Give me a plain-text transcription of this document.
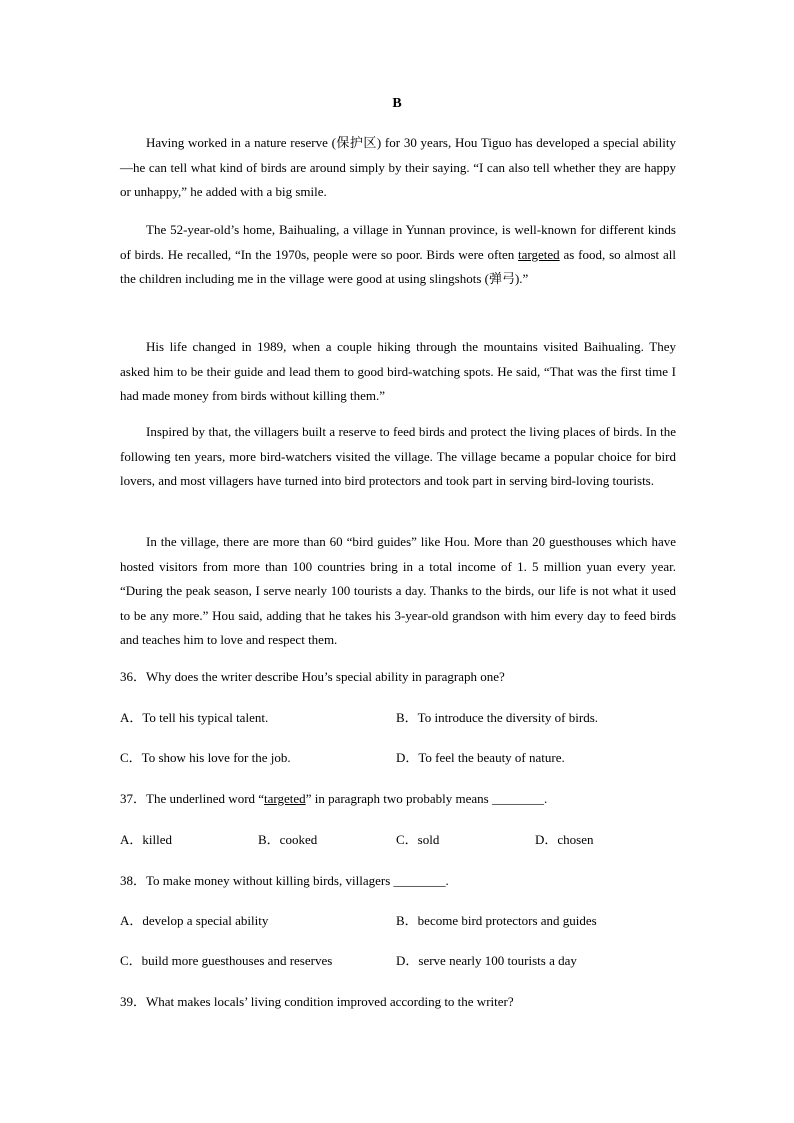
B

Having worked in a nature reserve (保护区) for 30 years, Hou Tiguo has developed a special ability —he can tell what kind of birds are around simply by their saying. “I can also tell whether they are happy or unhappy,” he added with a big smile.

The 52-year-old’s home, Baihualing, a village in Yunnan province, is well-known for different kinds of birds. He recalled, “In the 1970s, people were so poor. Birds were often targeted as food, so almost all the children including me in the village were good at using slingshots (弹弓).”

His life changed in 1989, when a couple hiking through the mountains visited Baihualing. They asked him to be their guide and lead them to good bird-watching spots. He said, “That was the first time I had made money from birds without killing them.”

Inspired by that, the villagers built a reserve to feed birds and protect the living places of birds. In the following ten years, more bird-watchers visited the village. The village became a popular choice for bird lovers, and most villagers have turned into bird protectors and took part in serving bird-loving tourists.

In the village, there are more than 60 “bird guides” like Hou. More than 20 guesthouses which have hosted visitors from more than 100 countries bring in a total income of 1. 5 million yuan every year. “During the peak season, I serve nearly 100 tourists a day. Thanks to the birds, our life is not what it used to be any more.” Hou said, adding that he takes his 3-year-old grandson with him every day to feed birds and teaches him to love and respect them.

36．Why does the writer describe Hou’s special ability in paragraph one?

A．To tell his typical talent.	B．To introduce the diversity of birds.
C．To show his love for the job.	D．To feel the beauty of nature.

37．The underlined word “targeted” in paragraph two probably means ________.

A．killed	B．cooked	C．sold	D．chosen

38．To make money without killing birds, villagers ________.

A．develop a special ability	B．become bird protectors and guides
C．build more guesthouses and reserves	D．serve nearly 100 tourists a day

39．What makes locals’ living condition improved according to the writer?
